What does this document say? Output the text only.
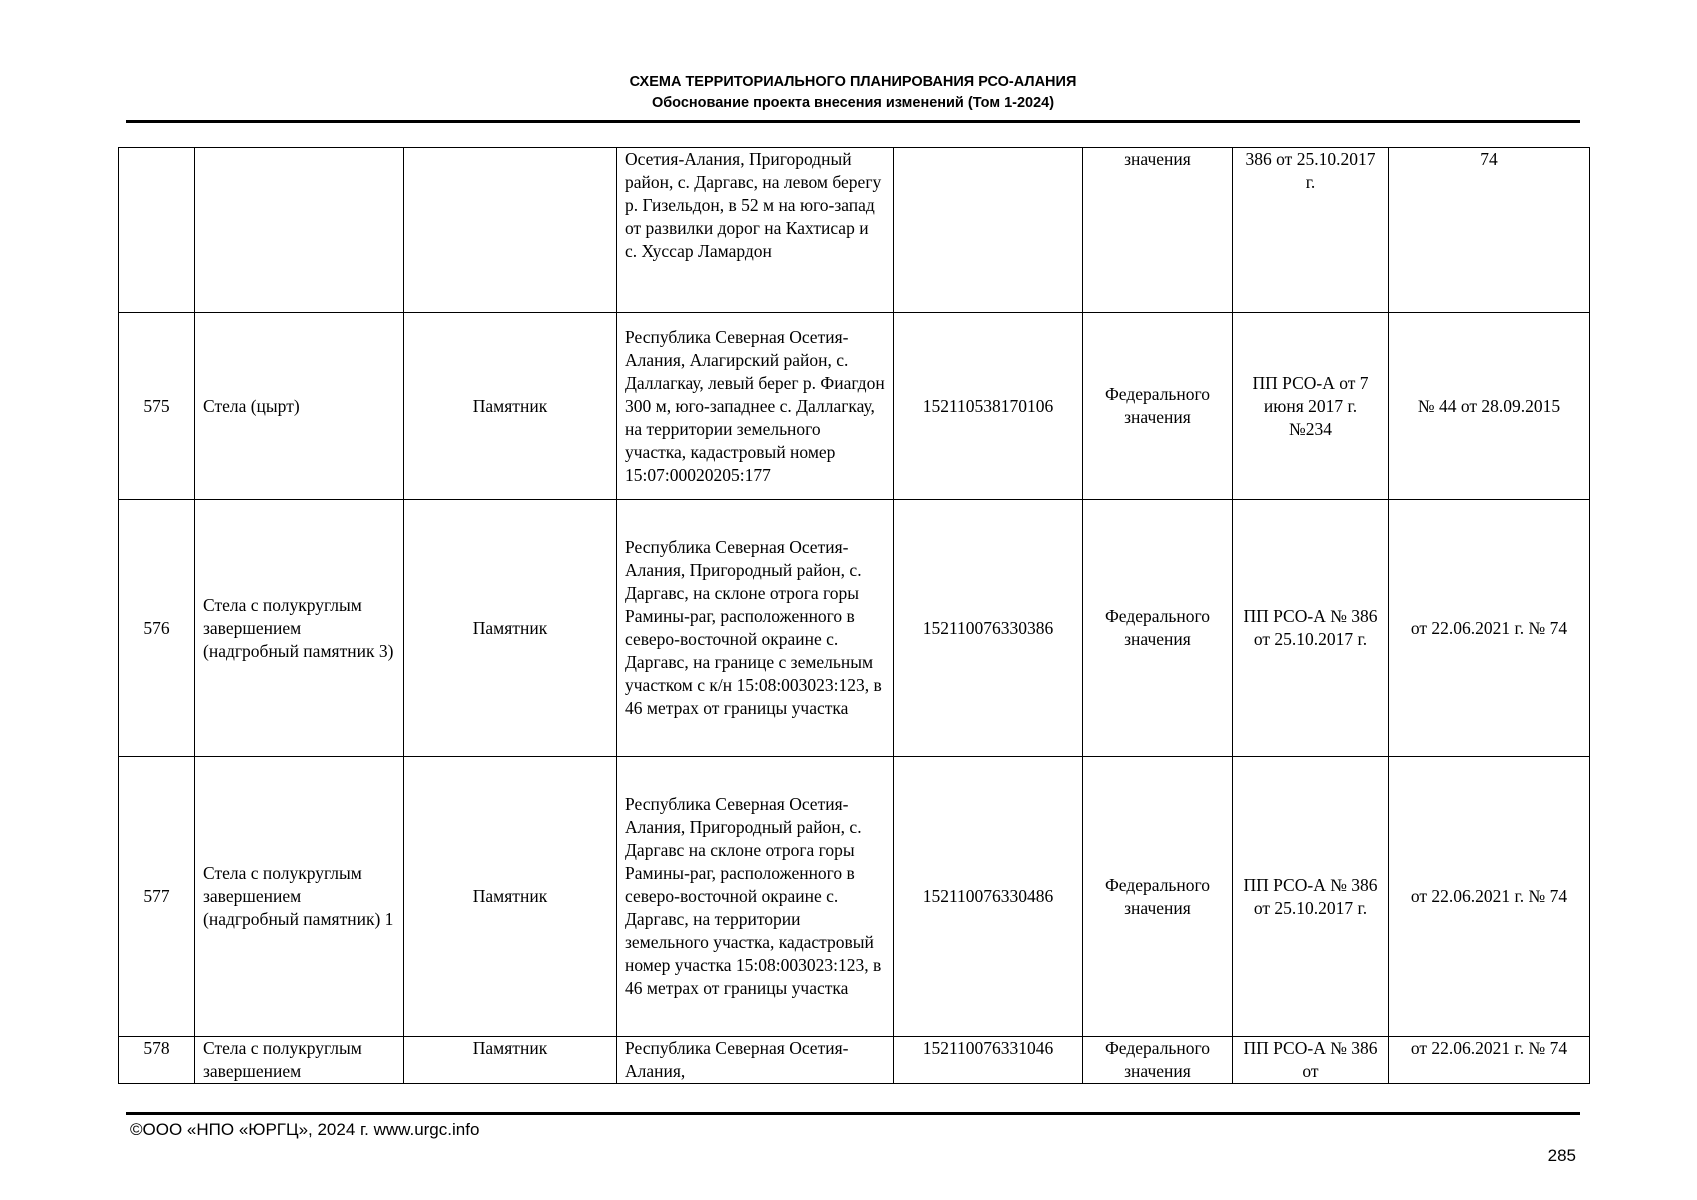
СХЕМА ТЕРРИТОРИАЛЬНОГО ПЛАНИРОВАНИЯ РСО-АЛАНИЯ
Обоснование проекта внесения изменений (Том 1-2024)
			Осетия-Алания, Пригородный район, с. Даргавс, на левом берегу р. Гизельдон, в 52 м на юго-запад от развилки дорог на Кахтисар и с. Хуссар Ламардон		значения	386 от 25.10.2017 г.	74
575	Стела (цырт)	Памятник	Республика Северная Осетия-Алания, Алагирский район, с. Даллагкау, левый берег р. Фиагдон 300 м, юго-западнее с. Даллагкау, на территории земельного участка, кадастровый номер 15:07:00020205:177	152110538170106	Федерального значения	ПП РСО-А от 7 июня 2017 г. №234	№ 44 от 28.09.2015
576	Стела с полукруглым завершением (надгробный памятник 3)	Памятник	Республика Северная Осетия-Алания, Пригородный район, с. Даргавс, на склоне отрога горы Рамины-раг, расположенного в северо-восточной окраине с. Даргавс, на границе с земельным участком с к/н 15:08:003023:123, в 46 метрах от границы участка	152110076330386	Федерального значения	ПП РСО-А № 386 от 25.10.2017 г.	от 22.06.2021 г. № 74
577	Стела с полукруглым завершением (надгробный памятник) 1	Памятник	Республика Северная Осетия-Алания, Пригородный район, с. Даргавс на склоне отрога горы Рамины-раг, расположенного в северо-восточной окраине с. Даргавс, на территории земельного участка, кадастровый номер участка 15:08:003023:123, в 46 метрах от границы участка	152110076330486	Федерального значения	ПП РСО-А № 386 от 25.10.2017 г.	от 22.06.2021 г. № 74
578	Стела с полукруглым завершением	Памятник	Республика Северная Осетия-Алания,	152110076331046	Федерального значения	ПП РСО-А № 386 от	от 22.06.2021 г. № 74
©ООО «НПО «ЮРГЦ», 2024 г. www.urgc.info
285
